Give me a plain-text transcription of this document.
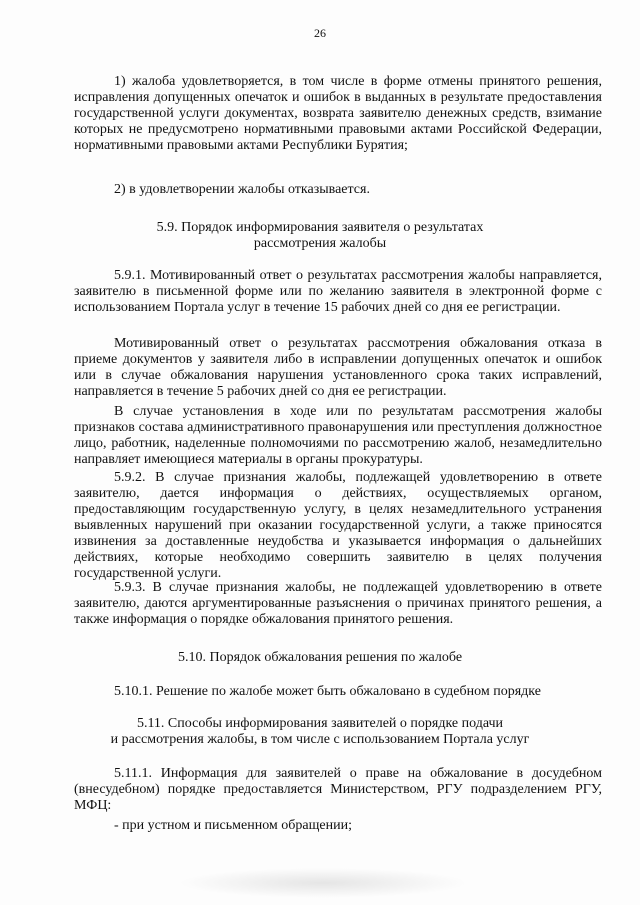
26

1) жалоба удовлетворяется, в том числе в форме отмены принятого решения, исправления допущенных опечаток и ошибок в выданных в результате предоставления государственной услуги документах, возврата заявителю денежных средств, взимание которых не предусмотрено нормативными правовыми актами Российской Федерации, нормативными правовыми актами Республики Бурятия;

2) в удовлетворении жалобы отказывается.

5.9. Порядок информирования заявителя о результатах
рассмотрения жалобы

5.9.1. Мотивированный ответ о результатах рассмотрения жалобы направляется, заявителю в письменной форме или по желанию заявителя в электронной форме с использованием Портала услуг в течение 15 рабочих дней со дня ее регистрации.

Мотивированный ответ о результатах рассмотрения обжалования отказа в приеме документов у заявителя либо в исправлении допущенных опечаток и ошибок или в случае обжалования нарушения установленного срока таких исправлений, направляется в течение 5 рабочих дней со дня ее регистрации.

В случае установления в ходе или по результатам рассмотрения жалобы признаков состава административного правонарушения или преступления должностное лицо, работник, наделенные полномочиями по рассмотрению жалоб, незамедлительно направляет имеющиеся материалы в органы прокуратуры.

5.9.2. В случае признания жалобы, подлежащей удовлетворению в ответе заявителю, дается информация о действиях, осуществляемых органом, предоставляющим государственную услугу, в целях незамедлительного устранения выявленных нарушений при оказании государственной услуги, а также приносятся извинения за доставленные неудобства и указывается информация о дальнейших действиях, которые необходимо совершить заявителю в целях получения государственной услуги.

5.9.3. В случае признания жалобы, не подлежащей удовлетворению в ответе заявителю, даются аргументированные разъяснения о причинах принятого решения, а также информация о порядке обжалования принятого решения.

5.10. Порядок обжалования решения по жалобе

5.10.1. Решение по жалобе может быть обжаловано в судебном порядке

5.11. Способы информирования заявителей о порядке подачи
и рассмотрения жалобы, в том числе с использованием Портала услуг

5.11.1. Информация для заявителей о праве на обжалование в досудебном (внесудебном) порядке предоставляется Министерством, РГУ подразделением РГУ, МФЦ:

- при устном и письменном обращении;
